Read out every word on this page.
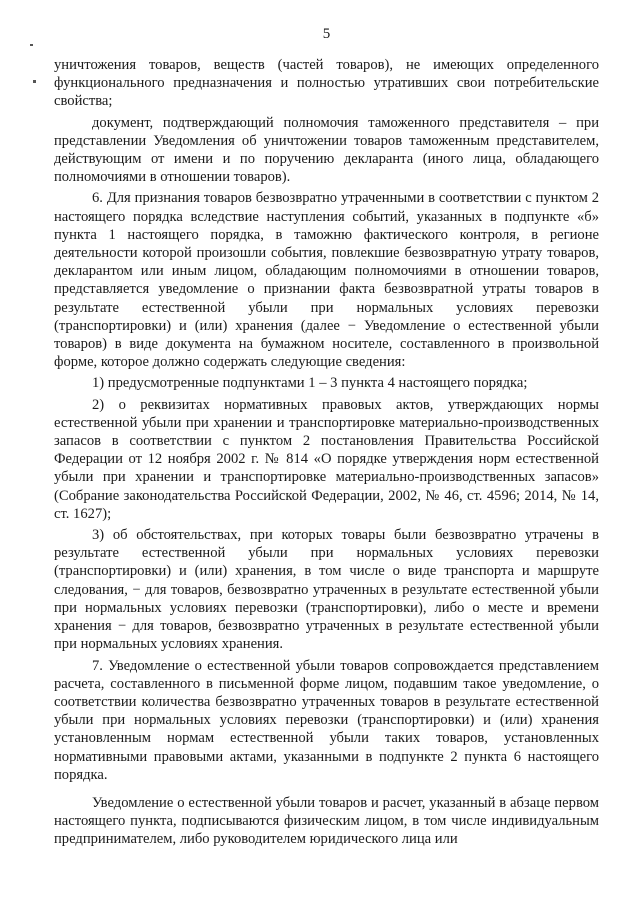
5

уничтожения товаров, веществ (частей товаров), не имеющих определенного функционального предназначения и полностью утративших свои потребительские свойства;

документ, подтверждающий полномочия таможенного представителя – при представлении Уведомления об уничтожении товаров таможенным представителем, действующим от имени и по поручению декларанта (иного лица, обладающего полномочиями в отношении товаров).

6. Для признания товаров безвозвратно утраченными в соответствии с пунктом 2 настоящего порядка вследствие наступления событий, указанных в подпункте «б» пункта 1 настоящего порядка, в таможню фактического контроля, в регионе деятельности которой произошли события, повлекшие безвозвратную утрату товаров, декларантом или иным лицом, обладающим полномочиями в отношении товаров, представляется уведомление о признании факта безвозвратной утраты товаров в результате естественной убыли при нормальных условиях перевозки (транспортировки) и (или) хранения (далее − Уведомление о естественной убыли товаров) в виде документа на бумажном носителе, составленного в произвольной форме, которое должно содержать следующие сведения:

1) предусмотренные подпунктами 1 – 3 пункта 4 настоящего порядка;

2) о реквизитах нормативных правовых актов, утверждающих нормы естественной убыли при хранении и транспортировке материально-производственных запасов в соответствии с пунктом 2 постановления Правительства Российской Федерации от 12 ноября 2002 г. № 814 «О порядке утверждения норм естественной убыли при хранении и транспортировке материально-производственных запасов» (Собрание законодательства Российской Федерации, 2002, № 46, ст. 4596; 2014, № 14, ст. 1627);

3) об обстоятельствах, при которых товары были безвозвратно утрачены в результате естественной убыли при нормальных условиях перевозки (транспортировки) и (или) хранения, в том числе о виде транспорта и маршруте следования, − для товаров, безвозвратно утраченных в результате естественной убыли при нормальных условиях перевозки (транспортировки), либо о месте и времени хранения − для товаров, безвозвратно утраченных в результате естественной убыли при нормальных условиях хранения.

7. Уведомление о естественной убыли товаров сопровождается представлением расчета, составленного в письменной форме лицом, подавшим такое уведомление, о соответствии количества безвозвратно утраченных товаров в результате естественной убыли при нормальных условиях перевозки (транспортировки) и (или) хранения установленным нормам естественной убыли таких товаров, установленных нормативными правовыми актами, указанными в подпункте 2 пункта 6 настоящего порядка.

Уведомление о естественной убыли товаров и расчет, указанный в абзаце первом настоящего пункта, подписываются физическим лицом, в том числе индивидуальным предпринимателем, либо руководителем юридического лица или
